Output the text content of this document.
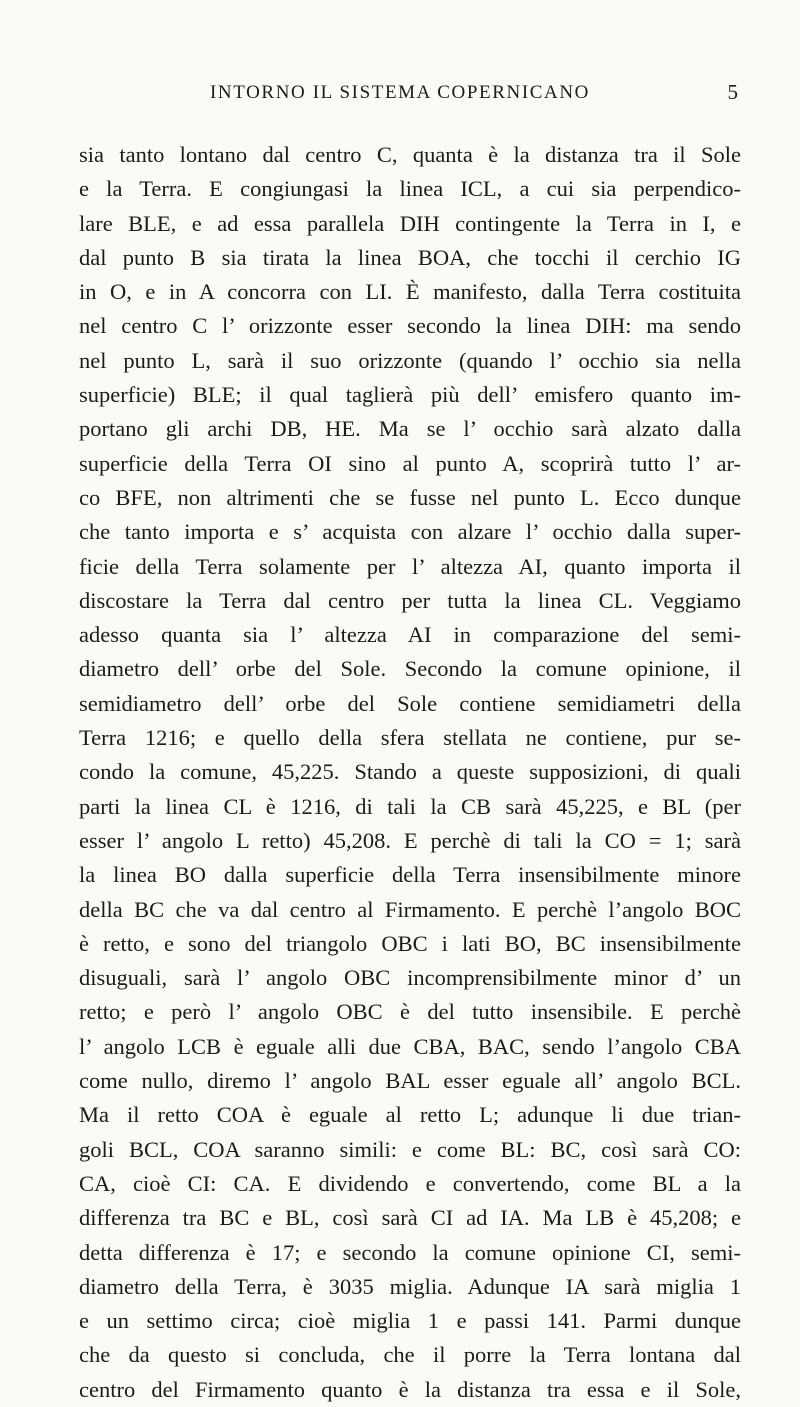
INTORNO IL SISTEMA COPERNICANO	5
sia tanto lontano dal centro C, quanta è la distanza tra il Sole
e la Terra. E congiungasi la linea ICL, a cui sia perpendico-
lare BLE, e ad essa parallela DIH contingente la Terra in I, e
dal punto B sia tirata la linea BOA, che tocchi il cerchio IG
in O, e in A concorra con LI. È manifesto, dalla Terra costituita
nel centro C l’ orizzonte esser secondo la linea DIH: ma sendo
nel punto L, sarà il suo orizzonte (quando l’ occhio sia nella
superficie) BLE; il qual taglierà più dell’ emisfero quanto im-
portano gli archi DB, HE. Ma se l’ occhio sarà alzato dalla
superficie della Terra OI sino al punto A, scoprirà tutto l’ ar-
co BFE, non altrimenti che se fusse nel punto L. Ecco dunque
che tanto importa e s’ acquista con alzare l’ occhio dalla super-
ficie della Terra solamente per l’ altezza AI, quanto importa il
discostare la Terra dal centro per tutta la linea CL. Veggiamo
adesso quanta sia l’ altezza AI in comparazione del semi-
diametro dell’ orbe del Sole. Secondo la comune opinione, il
semidiametro dell’ orbe del Sole contiene semidiametri della
Terra 1216; e quello della sfera stellata ne contiene, pur se-
condo la comune, 45,225. Stando a queste supposizioni, di quali
parti la linea CL è 1216, di tali la CB sarà 45,225, e BL (per
esser l’ angolo L retto) 45,208. E perchè di tali la CO = 1; sarà
la linea BO dalla superficie della Terra insensibilmente minore
della BC che va dal centro al Firmamento. E perchè l’angolo BOC
è retto, e sono del triangolo OBC i lati BO, BC insensibilmente
disuguali, sarà l’ angolo OBC incomprensibilmente minor d’ un
retto; e però l’ angolo OBC è del tutto insensibile. E perchè
l’ angolo LCB è eguale alli due CBA, BAC, sendo l’angolo CBA
come nullo, diremo l’ angolo BAL esser eguale all’ angolo BCL.
Ma il retto COA è eguale al retto L; adunque li due trian-
goli BCL, COA saranno simili: e come BL: BC, così sarà CO:
CA, cioè CI: CA. E dividendo e convertendo, come BL a la
differenza tra BC e BL, così sarà CI ad IA. Ma LB è 45,208; e
detta differenza è 17; e secondo la comune opinione CI, semi-
diametro della Terra, è 3035 miglia. Adunque IA sarà miglia 1
e un settimo circa; cioè miglia 1 e passi 141. Parmi dunque
che da questo si concluda, che il porre la Terra lontana dal
centro del Firmamento quanto è la distanza tra essa e il Sole,
